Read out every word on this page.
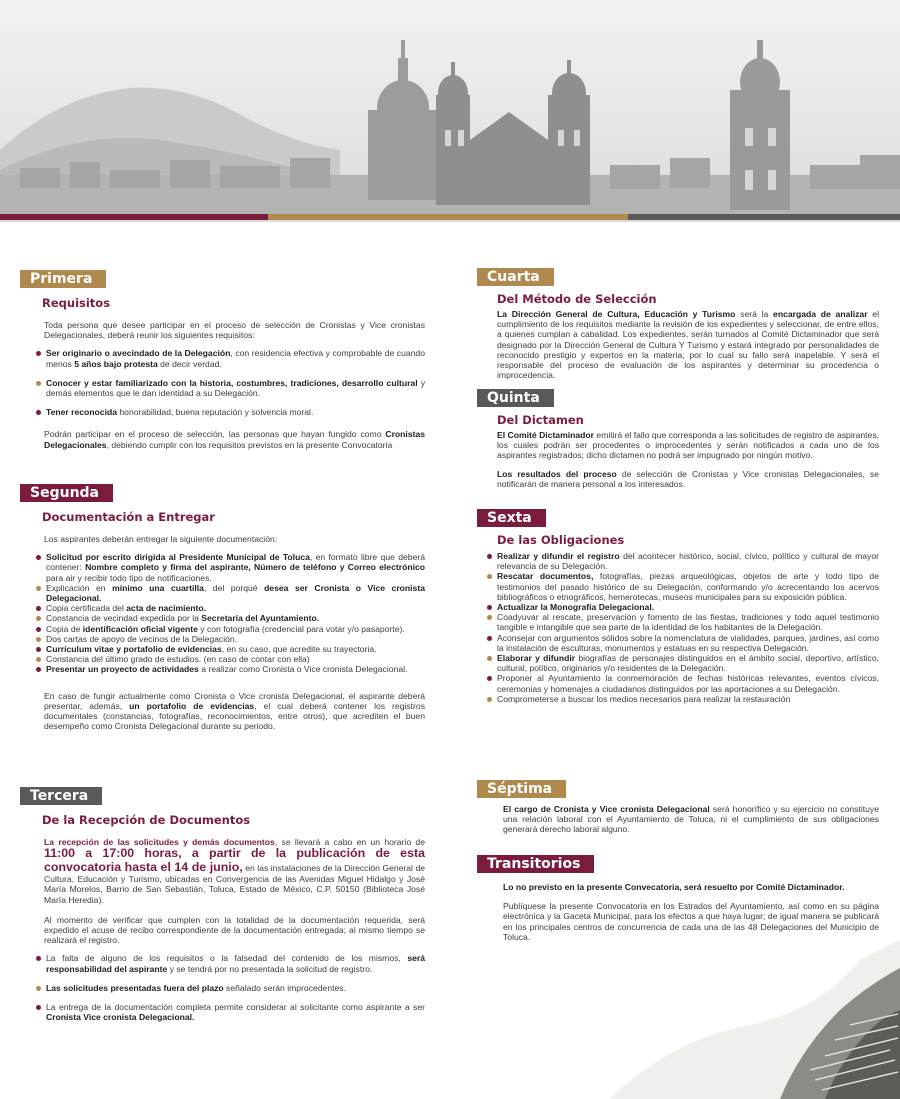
Primera
Requisitos

Toda persona que desee participar en el proceso de selección de Cronistas y Vice cronistas Delegacionales, deberá reunir los siguientes requisitos:

Ser originario o avecindado de la Delegación, con residencia efectiva y comprobable de cuando menos 5 años bajo protesta de decir verdad.
Conocer y estar familiarizado con la historia, costumbres, tradiciones, desarrollo cultural y demás elementos que le dan identidad a su Delegación.
Tener reconocida honorabilidad, buena reputación y solvencia moral.

Podrán participar en el proceso de selección, las personas que hayan fungido como Cronistas Delegacionales, debiendo cumplir con los requisitos previstos en la presente Convocatoria

Segunda
Documentación a Entregar

Los aspirantes deberán entregar la siguiente documentación:

Solicitud por escrito dirigida al Presidente Municipal de Toluca, en formato libre que deberá contener: Nombre completo y firma del aspirante, Número de teléfono y Correo electrónico para air y recibir todo tipo de notificaciones.
Explicación en mínimo una cuartilla, del porqué desea ser Cronista o Vice cronista Delegacional.
Copia certificada del acta de nacimiento.
Constancia de vecindad expedida por la Secretaría del Ayuntamiento.
Copia de identificación oficial vigente y con fotografía (credencial para votar y/o pasaporte).
Dos cartas de apoyo de vecinos de la Delegación.
Currículum vitae y portafolio de evidencias, en su caso, que acredite su trayectoria.
Constancia del último grado de estudios. (en caso de contar con ella)
Presentar un proyecto de actividades a realizar como Cronista o Vice cronista Delegacional.

En caso de fungir actualmente como Cronista o Vice cronista Delegacional, el aspirante deberá presentar, además, un portafolio de evidencias, el cual deberá contener los registros documentales (constancias, fotografías, reconocimientos, entre otros), que acrediten el buen desempeño como Cronista Delegacional durante su periodo.

Tercera
De la Recepción de Documentos

La recepción de las solicitudes y demás documentos, se llevará a cabo en un horario de 11:00 a 17:00 horas, a partir de la publicación de esta convocatoria hasta el 14 de junio, en las instalaciones de la Dirección General de Cultura, Educación y Turismo, ubicadas en Convergencia de las Avenidas Miguel Hidalgo y José María Morelos, Barrio de San Sebastián, Toluca, Estado de México, C.P. 50150 (Biblioteca José María Heredia).

Al momento de verificar que cumplen con la totalidad de la documentación requerida, será expedido el acuse de recibo correspondiente de la documentación entregada; al mismo tiempo se realizará el registro.

La falta de alguno de los requisitos o la falsedad del contenido de los mismos, será responsabilidad del aspirante y se tendrá por no presentada la solicitud de registro.
Las solicitudes presentadas fuera del plazo señalado serán improcedentes.
La entrega de la documentación completa permite considerar al solicitante como aspirante a ser Cronista Vice cronista Delegacional.
Cuarta
Del Método de Selección

La Dirección General de Cultura, Educación y Turismo será la encargada de analizar el cumplimiento de los requisitos mediante la revisión de los expedientes y seleccionar, de entre ellos, a quienes cumplan a cabalidad. Los expedientes, serán turnados al Comité Dictaminador que será designado por la Dirección General de Cultura Y Turismo y estará integrado por personalidades de reconocido prestigio y expertos en la materia, por lo cual su fallo será inapelable. Y será el responsable del proceso de evaluación de los aspirantes y determinar su procedencia o improcedencia.

Quinta
Del Dictamen

El Comité Dictaminador emitirá el fallo que corresponda a las solicitudes de registro de aspirantes, los cuales podrán ser procedentes o improcedentes y serán notificados a cada uno de los aspirantes registrados; dicho dictamen no podrá ser impugnado por ningún motivo.

Los resultados del proceso de selección de Cronistas y Vice cronistas Delegacionales, se notificarán de manera personal a los interesados.

Sexta
De las Obligaciones
Realizar y difundir el registro del acontecer histórico, social, cívico, político y cultural de mayor relevancia de su Delegación.
Rescatar documentos, fotografías, piezas arqueológicas, objetos de arte y todo tipo de testimonios del pasado histórico de su Delegación, conformando y/o acrecentando los acervos bibliográficos o etnográficos, hemerotecas, museos municipales para su exposición pública.
Actualizar la Monografía Delegacional.
Coadyuvar al rescate, preservación y fomento de las fiestas, tradiciones y todo aquel testimonio tangible e intangible que sea parte de la identidad de los habitantes de la Delegación.
Aconsejar con argumentos sólidos sobre la nomenclatura de vialidades, parques, jardines, así como la instalación de esculturas, monumentos y estatuas en su respectiva Delegación.
Elaborar y difundir biografías de personajes distinguidos en el ámbito social, deportivo, artístico, cultural, político, originarios y/o residentes de la Delegación.
Proponer al Ayuntamiento la conmemoración de fechas históricas relevantes, eventos cívicos, ceremonias y homenajes a ciudadanos distinguidos por las aportaciones a su Delegación.
Comprometerse a buscar los medios necesarios para realizar la restauración
Séptima

El cargo de Cronista y Vice cronista Delegacional será honorífico y su ejercicio no constituye una relación laboral con el Ayuntamiento de Toluca, ni el cumplimiento de sus obligaciones generará derecho laboral alguno.

Transitorios

Lo no previsto en la presente Convecatoria, será resuelto por Comité Dictaminador.

Publíquese la presente Convocatoria en los Estrados del Ayuntamiento, así como en su página electrónica y la Gaceta Municipal, para los efectos a que haya lugar; de igual manera se publicará en los principales centros de concurrencia de cada una de las 48 Delegaciones del Municipio de Toluca.
